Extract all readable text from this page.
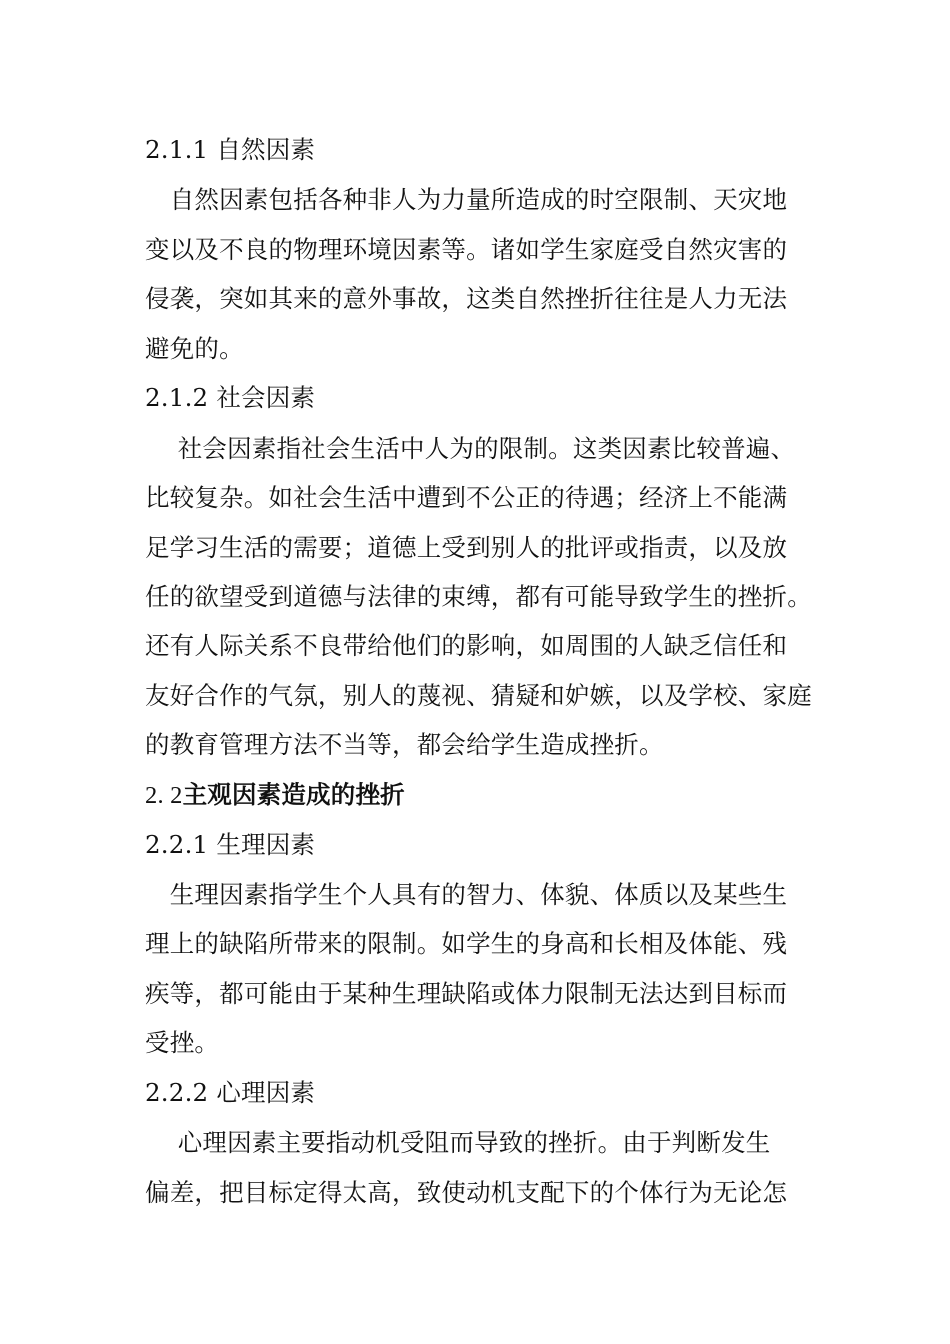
2.1.1 自然因素
　自然因素包括各种非人为力量所造成的时空限制、天灾地
变以及不良的物理环境因素等。诸如学生家庭受自然灾害的
侵袭，突如其来的意外事故，这类自然挫折往往是人力无法
避免的。
2.1.2 社会因素
　 社会因素指社会生活中人为的限制。这类因素比较普遍、
比较复杂。如社会生活中遭到不公正的待遇；经济上不能满
足学习生活的需要；道德上受到别人的批评或指责，以及放
任的欲望受到道德与法律的束缚，都有可能导致学生的挫折。
还有人际关系不良带给他们的影响，如周围的人缺乏信任和
友好合作的气氛，别人的蔑视、猜疑和妒嫉，以及学校、家庭
的教育管理方法不当等，都会给学生造成挫折。
2. 2主观因素造成的挫折
2.2.1 生理因素
　生理因素指学生个人具有的智力、体貌、体质以及某些生
理上的缺陷所带来的限制。如学生的身高和长相及体能、残
疾等，都可能由于某种生理缺陷或体力限制无法达到目标而
受挫。
2.2.2 心理因素
　 心理因素主要指动机受阻而导致的挫折。由于判断发生
偏差，把目标定得太高，致使动机支配下的个体行为无论怎
